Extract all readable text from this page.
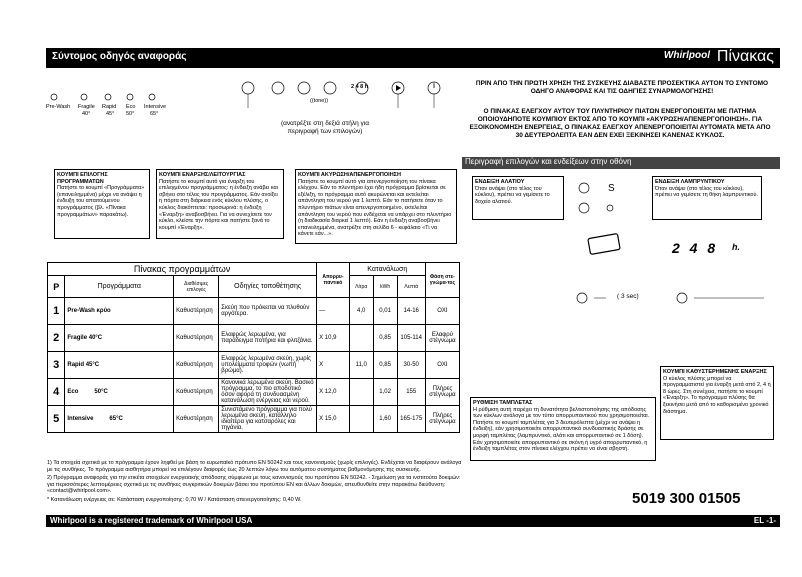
Σύντομος οδηγός αναφοράς	Whirlpool Πίνακας
Pre-Wash Fragile
40°
Rapid
45°
Eco
50°
Intensive
65°
((tone))
2 4 8 h
(ανατρέξτε στη δεξιά στήλη για περιγραφή των επιλογών)
ΚΟΥΜΠΙ ΕΠΙΛΟΓΗΣ ΠΡΟΓΡΑΜΜΑΤΩΝ
Πατήστε το κουμπί «Προγράμματα» (επανειλημμένα) μέχρι να ανάψει η ένδειξη του απαιτούμενου προγράμματος (βλ. «Πίνακα προγραμμάτων» παρακάτω).
ΚΟΥΜΠΙ ΕΝΑΡΞΗΣ/ΛΕΙΤΟΥΡΓΙΑΣ
Πατήστε το κουμπί αυτό για έναρξη του επιλεγμένου προγράμματος: η ένδειξη ανάβει και σβήνει στο τέλος του προγράμματος. Εάν ανοίξει η πόρτα στη διάρκεια ενός κύκλου πλύσης, ο κύκλος διακόπτεται: προσωρινά: η ένδειξη «Έναρξη» αναβοσβήνει. Για να συνεχίσετε τον κύκλο, κλείστε την πόρτα και πατήστε ξανά το κουμπί «Έναρξη».
ΚΟΥΜΠΙ ΑΚΥΡΩΣΗ/ΑΠΕΝΕΡΓΟΠΟΙΗΣΗ
Πατήστε το κουμπί αυτό για απενεργοποίηση του πίνακα ελέγχου. Εάν το πλυντήριο έχει ήδη πρόγραμμα βρίσκεται σε εξέλιξη, το πρόγραμμα αυτό ακυρώνεται και εκτελείται απάντληση του νερού για 1 λεπτό. Εάν το πατήσετε όταν το πλυντήριο πιάτων είναι απενεργοποιημένο, εκτελείται απάντληση του νερού που ενδέχεται να υπάρχει στο πλυντήριο (η διαδικασία διαρκεί 1 λεπτό). Εάν η ένδειξη αναβοσβήνει επανειλημμένα, ανατρέξτε στη σελίδα 6 - κεφάλαιο «Τι να κάνετε εάν...».
ΠΡΙΝ ΑΠΟ ΤΗΝ ΠΡΩΤΗ ΧΡΗΣΗ ΤΗΣ ΣΥΣΚΕΥΗΣ ΔΙΑΒΑΣΤΕ ΠΡΟΣΕΚΤΙΚΑ ΑΥΤΟΝ ΤΟ ΣΥΝΤΟΜΟ ΟΔΗΓΟ ΑΝΑΦΟΡΑΣ ΚΑΙ ΤΙΣ ΟΔΗΓΙΕΣ ΣΥΝΑΡΜΟΛΟΓΗΣΗΣ!
Ο ΠΙΝΑΚΑΣ ΕΛΕΓΧΟΥ ΑΥΤΟΥ ΤΟΥ ΠΛΥΝΤΗΡΙΟΥ ΠΙΑΤΩΝ ΕΝΕΡΓΟΠΟΙΕΙΤΑΙ ΜΕ ΠΑΤΗΜΑ ΟΠΟΙΟΥΔΗΠΟΤΕ ΚΟΥΜΠΙΟΥ ΕΚΤΟΣ ΑΠΟ ΤΟ ΚΟΥΜΠΙ «ΑΚΥΡΩΣΗ/ΑΠΕΝΕΡΓΟΠΟΙΗΣΗ». ΓΙΑ ΕΞΟΙΚΟΝΟΜΗΣΗ ΕΝΕΡΓΕΙΑΣ, Ο ΠΙΝΑΚΑΣ ΕΛΕΓΧΟΥ ΑΠΕΝΕΡΓΟΠΟΙΕΙΤΑΙ ΑΥΤΟΜΑΤΑ ΜΕΤΑ ΑΠΟ 30 ΔΕΥΤΕΡΟΛΕΠΤΑ ΕΑΝ ΔΕΝ ΕΧΕΙ ΞΕΚΙΝΗΣΕΙ ΚΑΝΕΝΑΣ ΚΥΚΛΟΣ.
Περιγραφή επιλογών και ενδείξεων στην οθόνη
ΕΝΔΕΙΞΗ ΑΛΑΤΙΟΥ
Όταν ανάψει (στο τέλος του κύκλου), πρέπει να γεμίσετε το δοχείο αλατιού.
S
ΕΝΔΕΙΞΗ ΛΑΜΠΡΥΝΤΙΚΟΥ
Όταν ανάψει (στο τέλος του κύκλου), πρέπει να γεμίσετε τη θήκη λαμπρυντικού.
2 4 8 h.
( 3 sec)
ΚΟΥΜΠΙ ΚΑΘΥΣΤΕΡΗΜΕΝΗΣ ΕΝΑΡΞΗΣ
Ο κύκλος πλύσης μπορεί να προγραμματιστεί για έναρξη μετά από 2, 4 ή 8 ώρες. Στη συνέχεια, πατήστε το κουμπί «Έναρξη». Το πρόγραμμα πλύσης θα ξεκινήσει μετά από το καθορισμένο χρονικό διάστημα.
ΡΥΘΜΙΣΗ ΤΑΜΠΛΕΤΑΣ
Η ρύθμιση αυτή παρέχει τη δυνατότητα βελτιστοποίησης της απόδοσης των κύκλων ανάλογα με τον τύπο απορρυπαντικού που χρησιμοποιείται. Πατήστε το κουμπί ταμπλέτας για 3 δευτερόλεπτα (μέχρι να ανάψει η ένδειξη), εάν χρησιμοποιείτε απορρυπαντικά συνδυαστικής δράσης σε μορφή ταμπλέτας (λαμπρυντικό, αλάτι και απορρυπαντικό σε 1 δόση). Εάν χρησιμοποιείτε απορρυπαντικό σε σκόνη ή υγρό απορρυπαντικό, η ένδειξη ταμπλέτας στον πίνακα ελέγχου πρέπει να είναι σβηστή.
Πίνακας προγραμμάτων				Απορρυ-παντικό	Κατανάλωση			Φάση στε-γνώμα-τος
P	Προγράμματα	Διαθέσιμες επιλογές	Οδηγίες τοποθέτησης		Λίτρα	kWh	Λεπτά	
1	Pre-Wash κρύο	Καθυστέρηση	Σκεύη που πρόκειται να πλυθούν αργότερα.	—	4,0	0,01	14-16	ΟΧΙ
2	Fragile 40°C	Καθυστέρηση	Ελαφρώς λερωμένα, για παράδειγμα ποτήρια και φλιτζάνια.	X 10,9		0,85	105-114	Ελαφρύ στέγνωμα
3	Rapid 45°C	Καθυστέρηση	Ελαφρώς λερωμένα σκεύη, χωρίς υπολείμματα τροφών (νωπή βρώμα).	X	11,0	0,85	30-50	ΟΧΙ
4	Eco 50°C	Καθυστέρηση	Κανονικά λερωμένα σκεύη. Βασικό πρόγραμμα, το πιο αποδοτικό όσον αφορά τη συνδυασμένη κατανάλωση ενέργειας και νερού.	X 12,0		1,02	155	Πλήρες στέγνωμα
5	Intensive 65°C	Καθυστέρηση	Συνιστάμενο πρόγραμμα για πολύ λερωμένα σκεύη, κατάλληλο ιδιαίτερα για κατσαρόλες και τηγάνια.	X 15,0		1,60	165-175	Πλήρες στέγνωμα
1) Τα στοιχεία σχετικά με το πρόγραμμα έχουν ληφθεί με βάση το ευρωπαϊκό πρότυπο EN 50242 και τους κανονισμούς (χωρίς επιλογές). Ενδέχεται να διαφέρουν ανάλογα με τις συνθήκες. Το πρόγραμμα αισθητήρα μπορεί να επιλέγουν διαφορές έως 20 λεπτών λόγω του αυτόματου συστήματος βαθμονόμησης της συσκευής.
2) Πρόγραμμα αναφοράς για την ετικέτα στοιχείων ενεργειακής απόδοσης σύμφωνα με τους κανονισμούς του προτύπου ΕΝ 50242. - Σημείωση για τα ινστιτούτα δοκιμών: για περισσότερες λεπτομέρειες σχετικά με τις συνθήκες συγκριτικών δοκιμών βάσει του προτύπου EN και άλλων δοκιμών, απευθυνθείτε στην παρακάτω διεύθυνση: «contact@whirlpool.com».
* Κατανάλωση ενέργειας σε: Κατάσταση ενεργοποίησης: 0,70 W / Κατάσταση απενεργοποίησης: 0,40 W.	5019 300 01505
Whirlpool is a registered trademark of Whirlpool USA	EL -1-
